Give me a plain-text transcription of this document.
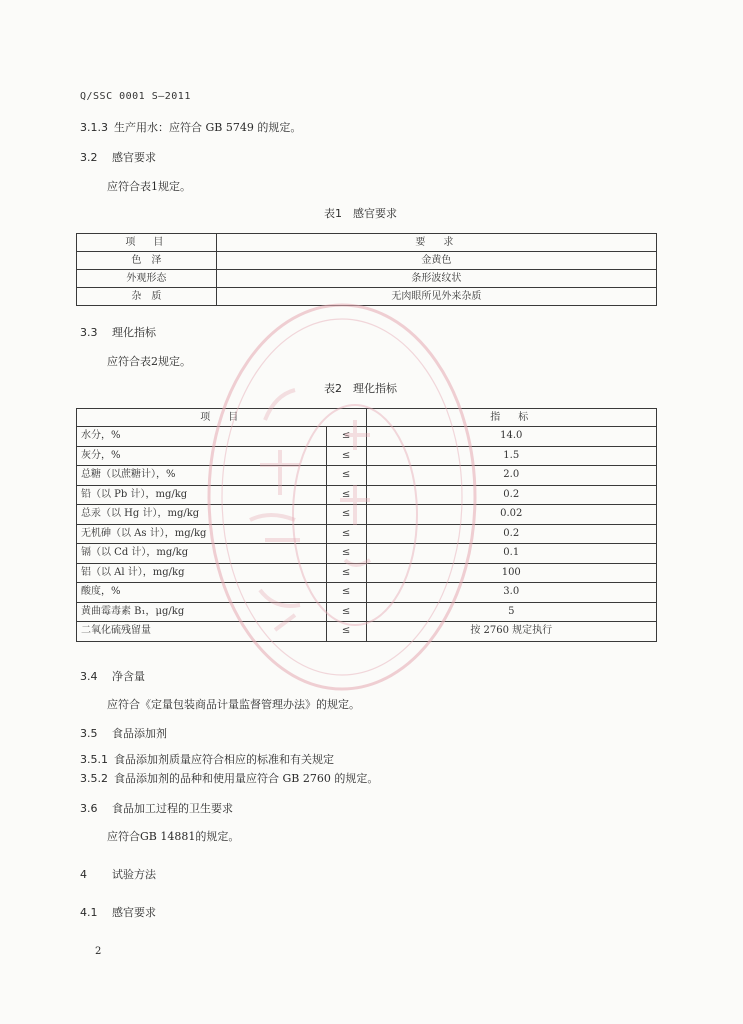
Q/SSC 0001 S—2011
3.1.3 生产用水：应符合 GB 5749 的规定。
3.2 感官要求
应符合表1规定。
表1　感官要求
项　目	要　求
色　泽	金黄色
外观形态	条形波纹状
杂　质	无肉眼所见外来杂质
3.3 理化指标
应符合表2规定。
表2　理化指标
项　目		指　标
水分，%	≤	14.0
灰分，%	≤	1.5
总糖（以蔗糖计），%	≤	2.0
铅（以 Pb 计），mg/kg	≤	0.2
总汞（以 Hg 计），mg/kg	≤	0.02
无机砷（以 As 计），mg/kg	≤	0.2
镉（以 Cd 计），mg/kg	≤	0.1
铝（以 Al 计），mg/kg	≤	100
酸度，%	≤	3.0
黄曲霉毒素 B₁，μg/kg	≤	5
二氧化硫残留量	≤	按 2760 规定执行
3.4 净含量
应符合《定量包装商品计量监督管理办法》的规定。
3.5 食品添加剂
3.5.1 食品添加剂质量应符合相应的标准和有关规定
3.5.2 食品添加剂的品种和使用量应符合 GB 2760 的规定。
3.6 食品加工过程的卫生要求
应符合GB 14881的规定。
4 试验方法
4.1 感官要求
2
